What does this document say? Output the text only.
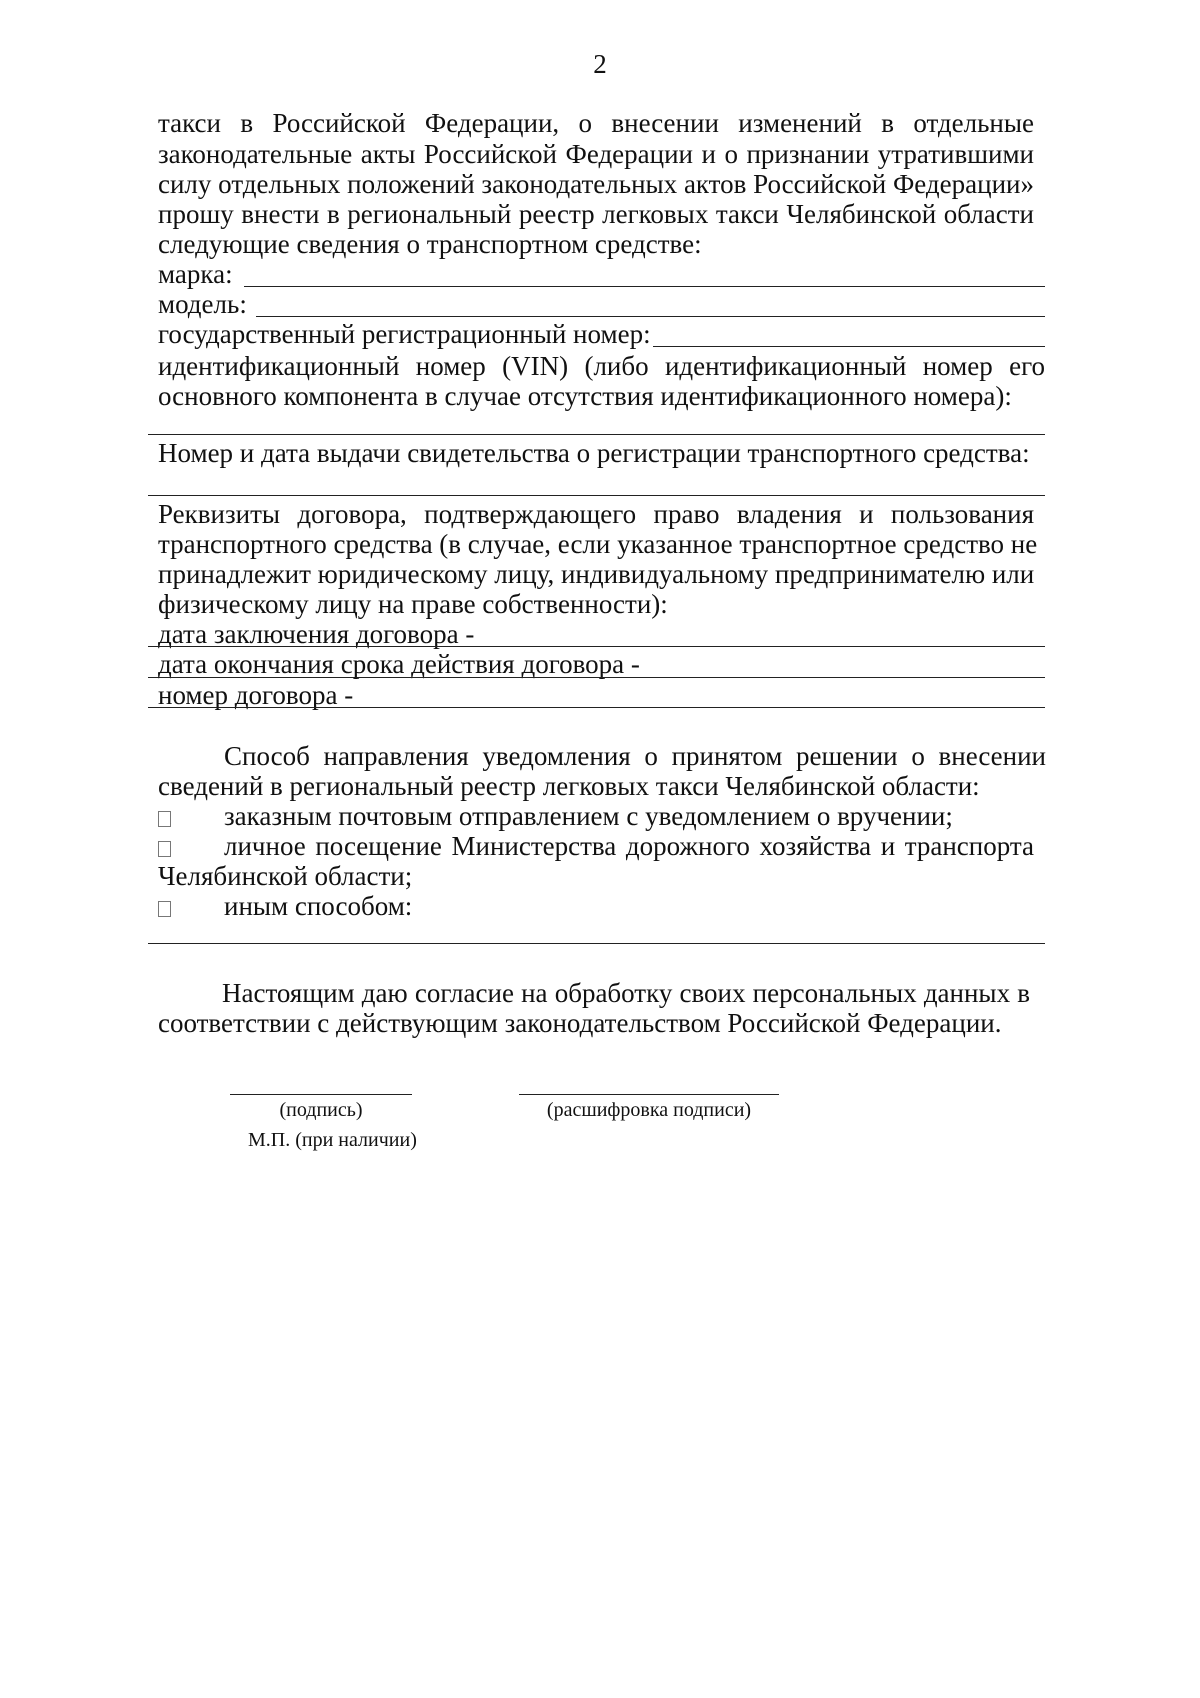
2
такси в Российской Федерации, о внесении изменений в отдельные
законодательные акты Российской Федерации и о признании утратившими
силу отдельных положений законодательных актов Российской Федерации»
прошу внести в региональный реестр легковых такси Челябинской области
следующие сведения о транспортном средстве:
марка:
модель:
государственный регистрационный номер:
идентификационный номер (VIN) (либо идентификационный номер его
основного компонента в случае отсутствия идентификационного номера):
Номер и дата выдачи свидетельства о регистрации транспортного средства:
Реквизиты договора, подтверждающего право владения и пользования
транспортного средства (в случае, если указанное транспортное средство не
принадлежит юридическому лицу, индивидуальному предпринимателю или
физическому лицу на праве собственности):
дата заключения договора -
дата окончания срока действия договора -
номер договора -
Способ направления уведомления о принятом решении о внесении
сведений в региональный реестр легковых такси Челябинской области:
заказным почтовым отправлением с уведомлением о вручении;
личное посещение Министерства дорожного хозяйства и транспорта
Челябинской области;
иным способом:
Настоящим даю согласие на обработку своих персональных данных в
соответствии с действующим законодательством Российской Федерации.
(подпись)	(расшифровка подписи)
М.П. (при наличии)
